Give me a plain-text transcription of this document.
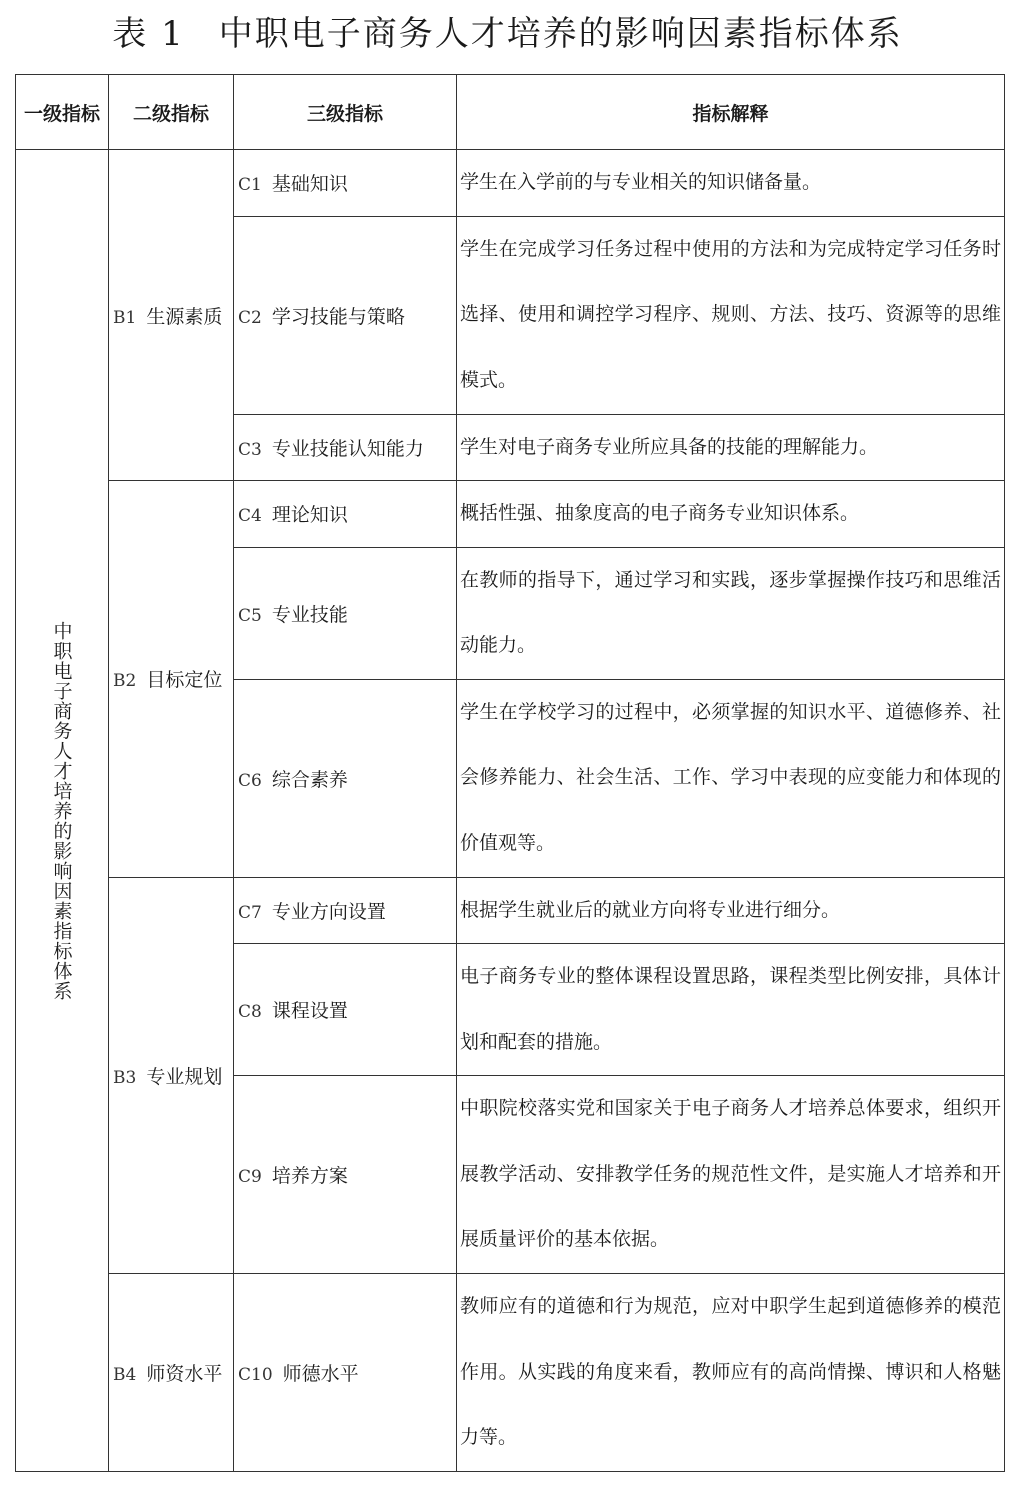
表 1 中职电子商务人才培养的影响因素指标体系
一级指标	二级指标	三级指标	指标解释

中职电子商务人才培养的影响因素指标体系	B1 生源素质	C1 基础知识	学生在入学前的与专业相关的知识储备量。
		C2 学习技能与策略	学生在完成学习任务过程中使用的方法和为完成特定学习任务时选择、使用和调控学习程序、规则、方法、技巧、资源等的思维模式。
		C3 专业技能认知能力	学生对电子商务专业所应具备的技能的理解能力。
	B2 目标定位	C4 理论知识	概括性强、抽象度高的电子商务专业知识体系。
		C5 专业技能	在教师的指导下，通过学习和实践，逐步掌握操作技巧和思维活动能力。
		C6 综合素养	学生在学校学习的过程中，必须掌握的知识水平、道德修养、社会修养能力、社会生活、工作、学习中表现的应变能力和体现的价值观等。
	B3 专业规划	C7 专业方向设置	根据学生就业后的就业方向将专业进行细分。
		C8 课程设置	电子商务专业的整体课程设置思路，课程类型比例安排，具体计划和配套的措施。
		C9 培养方案	中职院校落实党和国家关于电子商务人才培养总体要求，组织开展教学活动、安排教学任务的规范性文件，是实施人才培养和开展质量评价的基本依据。
	B4 师资水平	C10 师德水平	教师应有的道德和行为规范，应对中职学生起到道德修养的模范作用。从实践的角度来看，教师应有的高尚情操、博识和人格魅力等。
